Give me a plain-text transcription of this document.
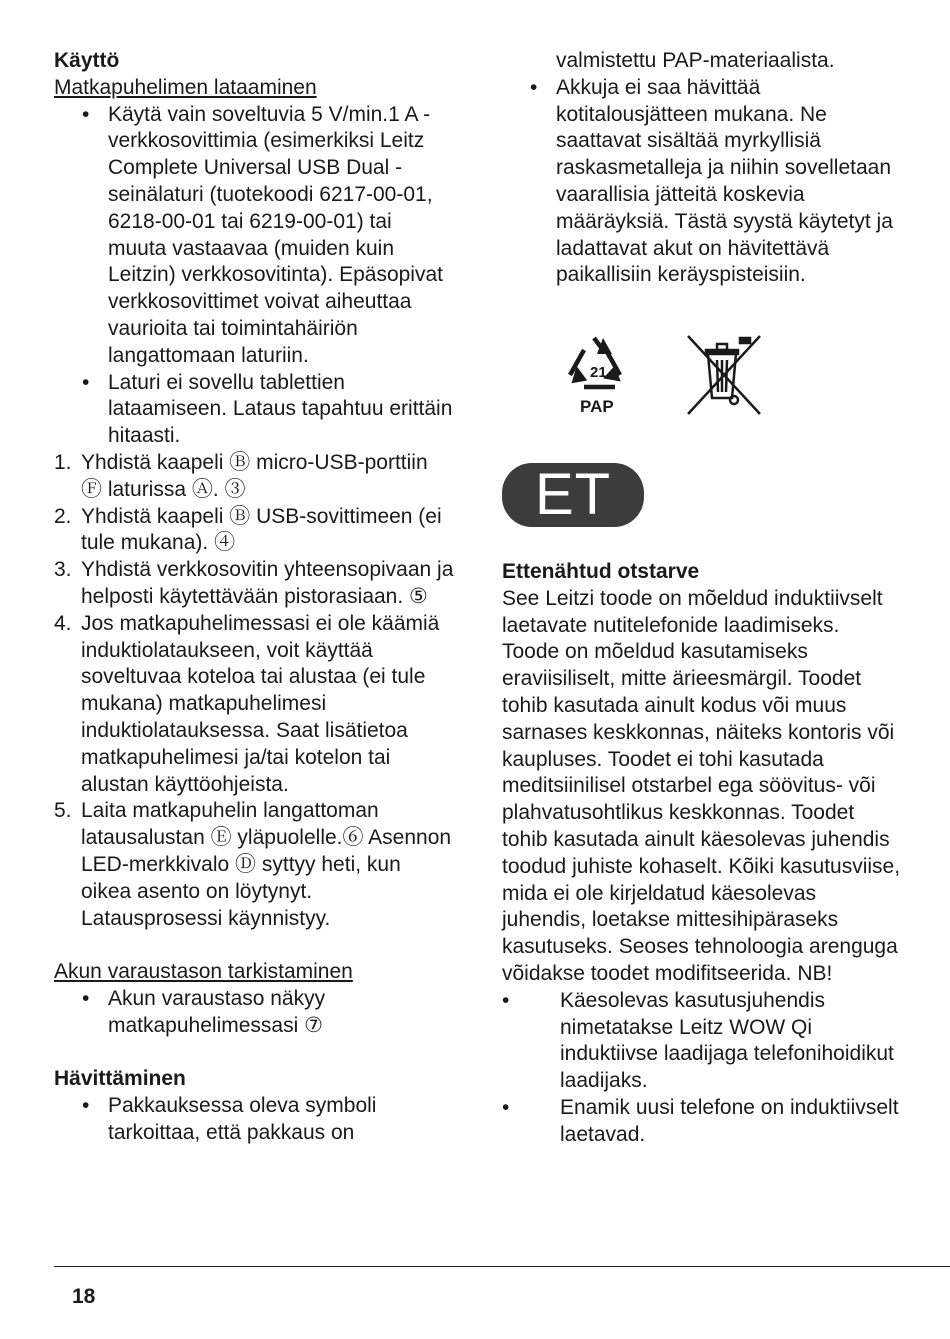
Käyttö

Matkapuhelimen lataaminen

• Käytä vain soveltuvia 5 V/min.1 A -verkkosovittimia (esimerkiksi Leitz Complete Universal USB Dual -seinälaturi (tuotekoodi 6217-00-01, 6218-00-01 tai 6219-00-01) tai muuta vastaavaa (muiden kuin Leitzin) verkkosovitinta). Epäsopivat verkkosovittimet voivat aiheuttaa vaurioita tai toimintahäiriön langattomaan laturiin.
• Laturi ei sovellu tablettien lataamiseen. Lataus tapahtuu erittäin hitaasti.
1. Yhdistä kaapeli Ⓑ micro-USB-porttiin Ⓕ laturissa Ⓐ. ③
2. Yhdistä kaapeli Ⓑ USB-sovittimeen (ei tule mukana). ④
3. Yhdistä verkkosovitin yhteensopivaan ja helposti käytettävään pistorasiaan. ⑤
4. Jos matkapuhelimessasi ei ole käämiä induktiolataukseen, voit käyttää soveltuvaa koteloa tai alustaa (ei tule mukana) matkapuhelimesi induktiolatauksessa. Saat lisätietoa matkapuhelimesi ja/tai kotelon tai alustan käyttöohjeista.
5. Laita matkapuhelin langattoman latausalustan Ⓔ yläpuolelle.⑥ Asennon LED-merkkivalo Ⓓ syttyy heti, kun oikea asento on löytynyt. Latausprosessi käynnistyy.

Akun varaustason tarkistaminen

• Akun varaustaso näkyy matkapuhelimessasi ⑦

Hävittäminen

• Pakkauksessa oleva symboli tarkoittaa, että pakkaus on
valmistettu PAP-materiaalista.
• Akkuja ei saa hävittää kotitalousjätteen mukana. Ne saattavat sisältää myrkyllisiä raskasmetalleja ja niihin sovelletaan vaarallisia jätteitä koskevia määräyksiä. Tästä syystä käytetyt ja ladattavat akut on hävitettävä paikallisiin keräyspisteisiin.
21
PAP
ET

Ettenähtud otstarve

See Leitzi toode on mõeldud induktiivselt laetavate nutitelefonide laadimiseks. Toode on mõeldud kasutamiseks eraviisiliselt, mitte ärieesmärgil. Toodet tohib kasutada ainult kodus või muus sarnases keskkonnas, näiteks kontoris või kaupluses. Toodet ei tohi kasutada meditsiinilisel otstarbel ega söövitus- või plahvatusohtlikus keskkonnas. Toodet tohib kasutada ainult käesolevas juhendis toodud juhiste kohaselt. Kõiki kasutusviise, mida ei ole kirjeldatud käesolevas juhendis, loetakse mittesihipäraseks kasutuseks. Seoses tehnoloogia arenguga võidakse toodet modifitseerida. NB!

• Käesolevas kasutusjuhendis nimetatakse Leitz WOW Qi induktiivse laadijaga telefonihoidikut laadijaks.
• Enamik uusi telefone on induktiivselt laetavad.
18
